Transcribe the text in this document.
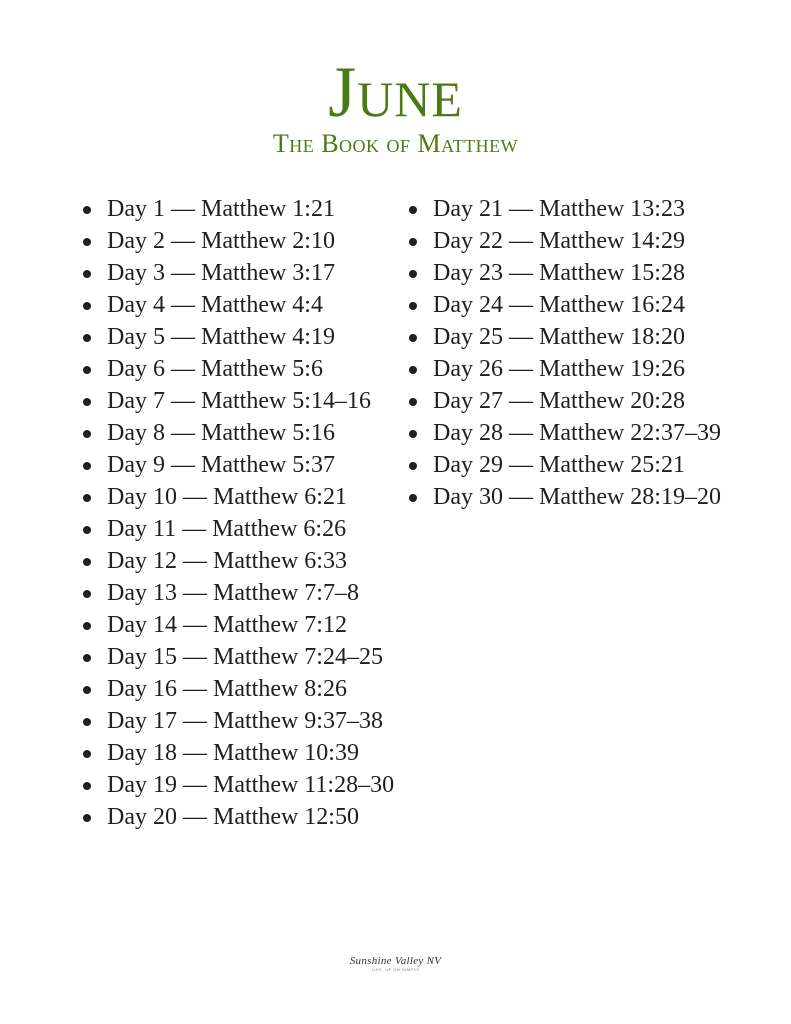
June
The Book of Matthew
Day 1 — Matthew 1:21
Day 2 — Matthew 2:10
Day 3 — Matthew 3:17
Day 4 — Matthew 4:4
Day 5 — Matthew 4:19
Day 6 — Matthew 5:6
Day 7 — Matthew 5:14–16
Day 8 — Matthew 5:16
Day 9 — Matthew 5:37
Day 10 — Matthew 6:21
Day 11 — Matthew 6:26
Day 12 — Matthew 6:33
Day 13 — Matthew 7:7–8
Day 14 — Matthew 7:12
Day 15 — Matthew 7:24–25
Day 16 — Matthew 8:26
Day 17 — Matthew 9:37–38
Day 18 — Matthew 10:39
Day 19 — Matthew 11:28–30
Day 20 — Matthew 12:50
Day 21 — Matthew 13:23
Day 22 — Matthew 14:29
Day 23 — Matthew 15:28
Day 24 — Matthew 16:24
Day 25 — Matthew 18:20
Day 26 — Matthew 19:26
Day 27 — Matthew 20:28
Day 28 — Matthew 22:37–39
Day 29 — Matthew 25:21
Day 30 — Matthew 28:19–20
Sunshine Valley NV
LIFE, UP ON SIMPLY
